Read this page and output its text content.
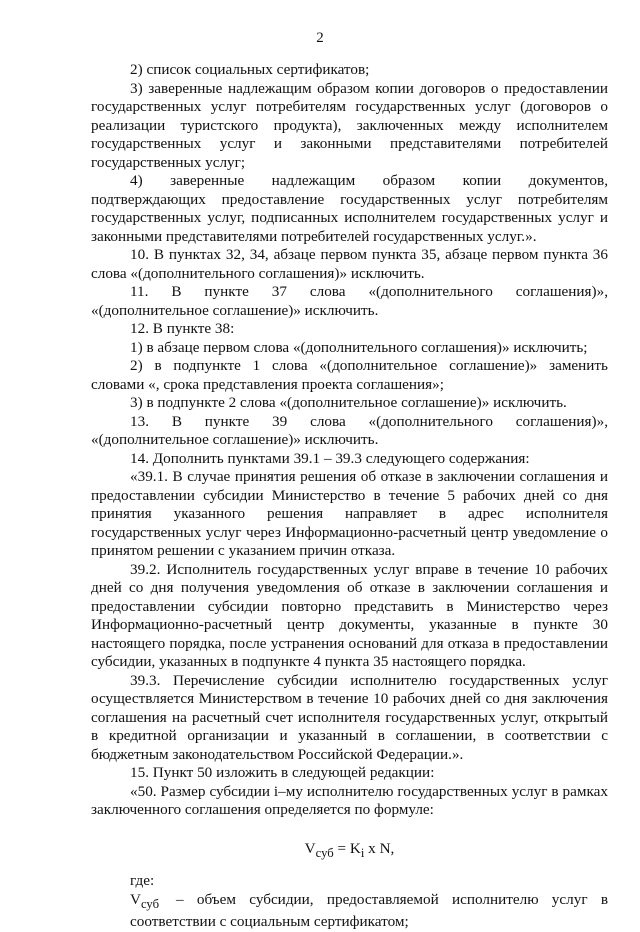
2

2) список социальных сертификатов;

3) заверенные надлежащим образом копии договоров о предоставлении государственных услуг потребителям государственных услуг (договоров о реализации туристского продукта), заключенных между исполнителем государственных услуг и законными представителями потребителей государственных услуг;

4) заверенные надлежащим образом копии документов, подтверждающих предоставление государственных услуг потребителям государственных услуг, подписанных исполнителем государственных услуг и законными представителями потребителей государственных услуг.».

10. В пунктах 32, 34, абзаце первом пункта 35, абзаце первом пункта 36 слова «(дополнительного соглашения)» исключить.

11. В пункте 37 слова «(дополнительного соглашения)», «(дополнительное соглашение)» исключить.

12. В пункте 38:

1) в абзаце первом слова «(дополнительного соглашения)» исключить;

2) в подпункте 1 слова «(дополнительное соглашение)» заменить словами «, срока представления проекта соглашения»;

3) в подпункте 2 слова «(дополнительное соглашение)» исключить.

13. В пункте 39 слова «(дополнительного соглашения)», «(дополнительное соглашение)» исключить.

14. Дополнить пунктами 39.1 – 39.3 следующего содержания:

«39.1. В случае принятия решения об отказе в заключении соглашения и предоставлении субсидии Министерство в течение 5 рабочих дней со дня принятия указанного решения направляет в адрес исполнителя государственных услуг через Информационно-расчетный центр уведомление о принятом решении с указанием причин отказа.

39.2. Исполнитель государственных услуг вправе в течение 10 рабочих дней со дня получения уведомления об отказе в заключении соглашения и предоставлении субсидии повторно представить в Министерство через Информационно-расчетный центр документы, указанные в пункте 30 настоящего порядка, после устранения оснований для отказа в предоставлении субсидии, указанных в подпункте 4 пункта 35 настоящего порядка.

39.3. Перечисление субсидии исполнителю государственных услуг осуществляется Министерством в течение 10 рабочих дней со дня заключения соглашения на расчетный счет исполнителя государственных услуг, открытый в кредитной организации и указанный в соглашении, в соответствии с бюджетным законодательством Российской Федерации.».

15. Пункт 50 изложить в следующей редакции:

«50. Размер субсидии i–му исполнителю государственных услуг в рамках заключенного соглашения определяется по формуле:

$V_{суб} = K_i$ x N,

где:

$V_{суб}$ – объем субсидии, предоставляемой исполнителю услуг в соответствии с социальным сертификатом;
